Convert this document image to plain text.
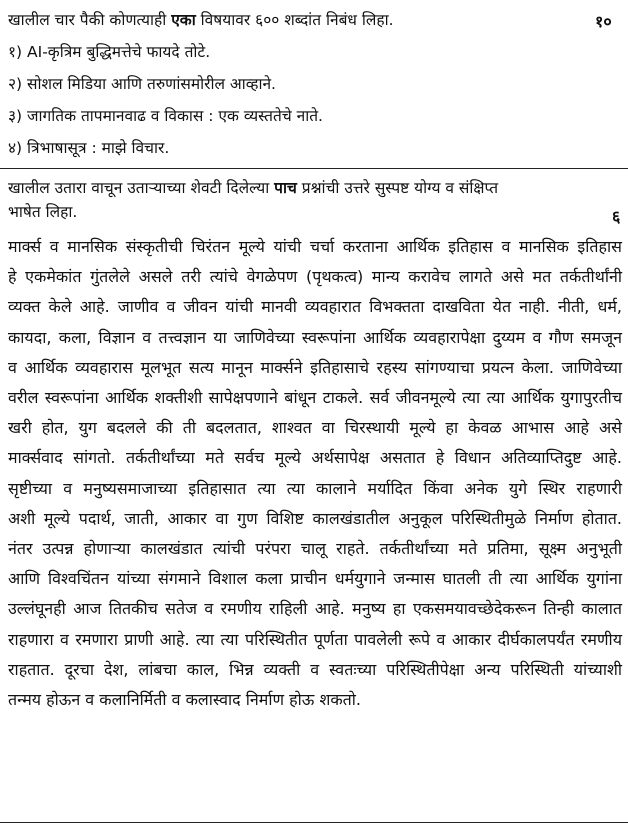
खालील चार पैकी कोणत्याही एका विषयावर ६०० शब्दांत निबंध लिहा.	१०
१) AI-कृत्रिम बुद्धिमत्तेचे फायदे तोटे.
२) सोशल मिडिया आणि तरुणांसमोरील आव्हाने.
३) जागतिक तापमानवाढ व विकास : एक व्यस्ततेचे नाते.
४) त्रिभाषासूत्र : माझे विचार.
खालील उतारा वाचून उताऱ्याच्या शेवटी दिलेल्या पाच प्रश्नांची उत्तरे सुस्पष्ट योग्य व संक्षिप्त
भाषेत लिहा.	६
मार्क्स व मानसिक संस्कृतीची चिरंतन मूल्ये यांची चर्चा करताना आर्थिक इतिहास व मानसिक इतिहास
हे एकमेकांत गुंतलेले असले तरी त्यांचे वेगळेपण (पृथकत्व) मान्य करावेच लागते असे मत तर्कतीर्थांनी
व्यक्त केले आहे. जाणीव व जीवन यांची मानवी व्यवहारात विभक्तता दाखविता येत नाही. नीती, धर्म,
कायदा, कला, विज्ञान व तत्त्वज्ञान या जाणिवेच्या स्वरूपांना आर्थिक व्यवहारापेक्षा दुय्यम व गौण समजून
व आर्थिक व्यवहारास मूलभूत सत्य मानून मार्क्सने इतिहासाचे रहस्य सांगण्याचा प्रयत्न केला. जाणिवेच्या
वरील स्वरूपांना आर्थिक शक्तीशी सापेक्षपणाने बांधून टाकले. सर्व जीवनमूल्ये त्या त्या आर्थिक युगापुरतीच
खरी होत, युग बदलले की ती बदलतात, शाश्वत वा चिरस्थायी मूल्ये हा केवळ आभास आहे असे
मार्क्सवाद सांगतो. तर्कतीर्थांच्या मते सर्वच मूल्ये अर्थसापेक्ष असतात हे विधान अतिव्याप्तिदुष्ट आहे.
सृष्टीच्या व मनुष्यसमाजाच्या इतिहासात त्या त्या कालाने मर्यादित किंवा अनेक युगे स्थिर राहणारी
अशी मूल्ये पदार्थ, जाती, आकार वा गुण विशिष्ट कालखंडातील अनुकूल परिस्थितीमुळे निर्माण होतात.
नंतर उत्पन्न होणाऱ्या कालखंडात त्यांची परंपरा चालू राहते. तर्कतीर्थांच्या मते प्रतिमा, सूक्ष्म अनुभूती
आणि विश्वचिंतन यांच्या संगमाने विशाल कला प्राचीन धर्मयुगाने जन्मास घातली ती त्या आर्थिक युगांना
उल्लंघूनही आज तितकीच सतेज व रमणीय राहिली आहे. मनुष्य हा एकसमयावच्छेदेकरून तिन्ही कालात
राहणारा व रमणारा प्राणी आहे. त्या त्या परिस्थितीत पूर्णता पावलेली रूपे व आकार दीर्घकालपर्यंत रमणीय
राहतात. दूरचा देश, लांबचा काल, भिन्न व्यक्ती व स्वतःच्या परिस्थितीपेक्षा अन्य परिस्थिती यांच्याशी
तन्मय होऊन व कलानिर्मिती व कलास्वाद निर्माण होऊ शकतो.
